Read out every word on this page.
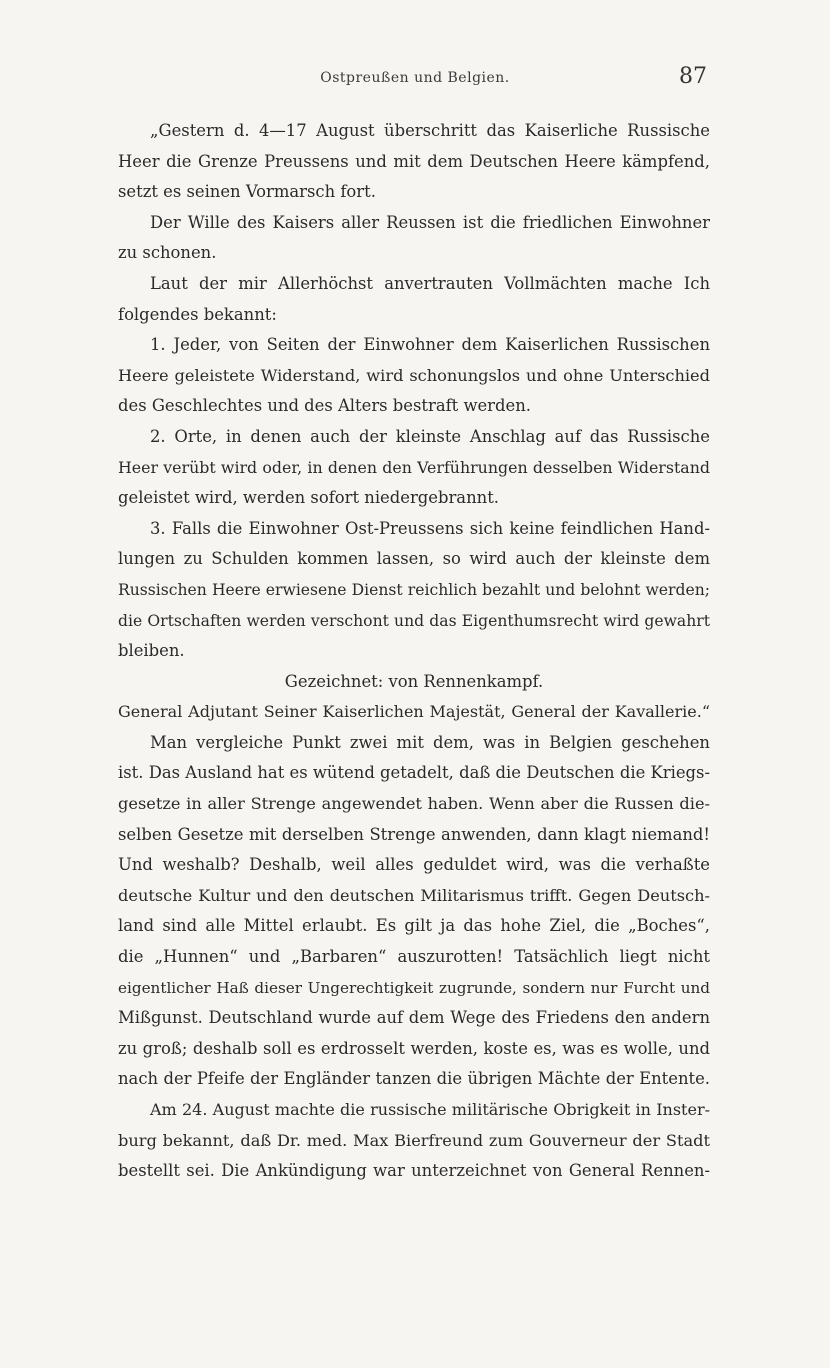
Ostpreußen und Belgien.	87
„Gestern d. 4—17 August überschritt das Kaiserliche Russische
Heer die Grenze Preussens und mit dem Deutschen Heere kämpfend,
setzt es seinen Vormarsch fort.
Der Wille des Kaisers aller Reussen ist die friedlichen Einwohner
zu schonen.
Laut der mir Allerhöchst anvertrauten Vollmächten mache Ich
folgendes bekannt:
1. Jeder, von Seiten der Einwohner dem Kaiserlichen Russischen
Heere geleistete Widerstand, wird schonungslos und ohne Unterschied
des Geschlechtes und des Alters bestraft werden.
2. Orte, in denen auch der kleinste Anschlag auf das Russische
Heer verübt wird oder, in denen den Verführungen desselben Widerstand
geleistet wird, werden sofort niedergebrannt.
3. Falls die Einwohner Ost-Preussens sich keine feindlichen Hand-
lungen zu Schulden kommen lassen, so wird auch der kleinste dem
Russischen Heere erwiesene Dienst reichlich bezahlt und belohnt werden;
die Ortschaften werden verschont und das Eigenthumsrecht wird gewahrt
bleiben.
Gezeichnet: von Rennenkampf.
General Adjutant Seiner Kaiserlichen Majestät, General der Kavallerie.“
Man vergleiche Punkt zwei mit dem, was in Belgien geschehen
ist. Das Ausland hat es wütend getadelt, daß die Deutschen die Kriegs-
gesetze in aller Strenge angewendet haben. Wenn aber die Russen die-
selben Gesetze mit derselben Strenge anwenden, dann klagt niemand!
Und weshalb? Deshalb, weil alles geduldet wird, was die verhaßte
deutsche Kultur und den deutschen Militarismus trifft. Gegen Deutsch-
land sind alle Mittel erlaubt. Es gilt ja das hohe Ziel, die „Boches“,
die „Hunnen“ und „Barbaren“ auszurotten! Tatsächlich liegt nicht
eigentlicher Haß dieser Ungerechtigkeit zugrunde, sondern nur Furcht und
Mißgunst. Deutschland wurde auf dem Wege des Friedens den andern
zu groß; deshalb soll es erdrosselt werden, koste es, was es wolle, und
nach der Pfeife der Engländer tanzen die übrigen Mächte der Entente.
Am 24. August machte die russische militärische Obrigkeit in Inster-
burg bekannt, daß Dr. med. Max Bierfreund zum Gouverneur der Stadt
bestellt sei. Die Ankündigung war unterzeichnet von General Rennen-
